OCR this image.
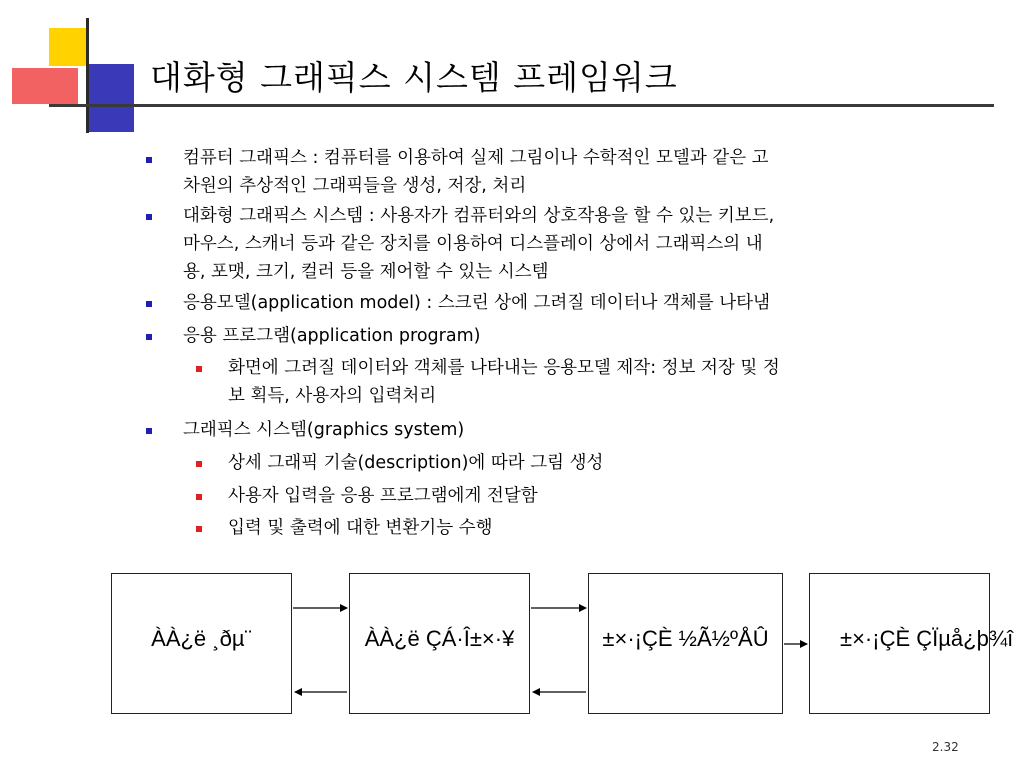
대화형 그래픽스 시스템 프레임워크
컴퓨터 그래픽스 : 컴퓨터를 이용하여 실제 그림이나 수학적인 모델과 같은 고
차원의 추상적인 그래픽들을 생성, 저장, 처리
대화형 그래픽스 시스템 : 사용자가 컴퓨터와의 상호작용을 할 수 있는 키보드,
마우스, 스캐너 등과 같은 장치를 이용하여 디스플레이 상에서 그래픽스의 내
용, 포맷, 크기, 컬러 등을 제어할 수 있는 시스템
응용모델(application model) : 스크린 상에 그려질 데이터나 객체를 나타냄
응용 프로그램(application program)
화면에 그려질 데이터와 객체를 나타내는 응용모델 제작: 정보 저장 및 정
보 획득, 사용자의 입력처리
그래픽스 시스템(graphics system)
상세 그래픽 기술(description)에 따라 그림 생성
사용자 입력을 응용 프로그램에게 전달함
입력 및 출력에 대한 변환기능 수행
ÀÀ¿ë ¸ðµ¨	ÀÀ¿ë ÇÁ·Î±×·¥	±×·¡ÇÈ ½Ã½ºÅÛ	±×·¡ÇÈ ÇÏµå¿þ¾î
2.32
